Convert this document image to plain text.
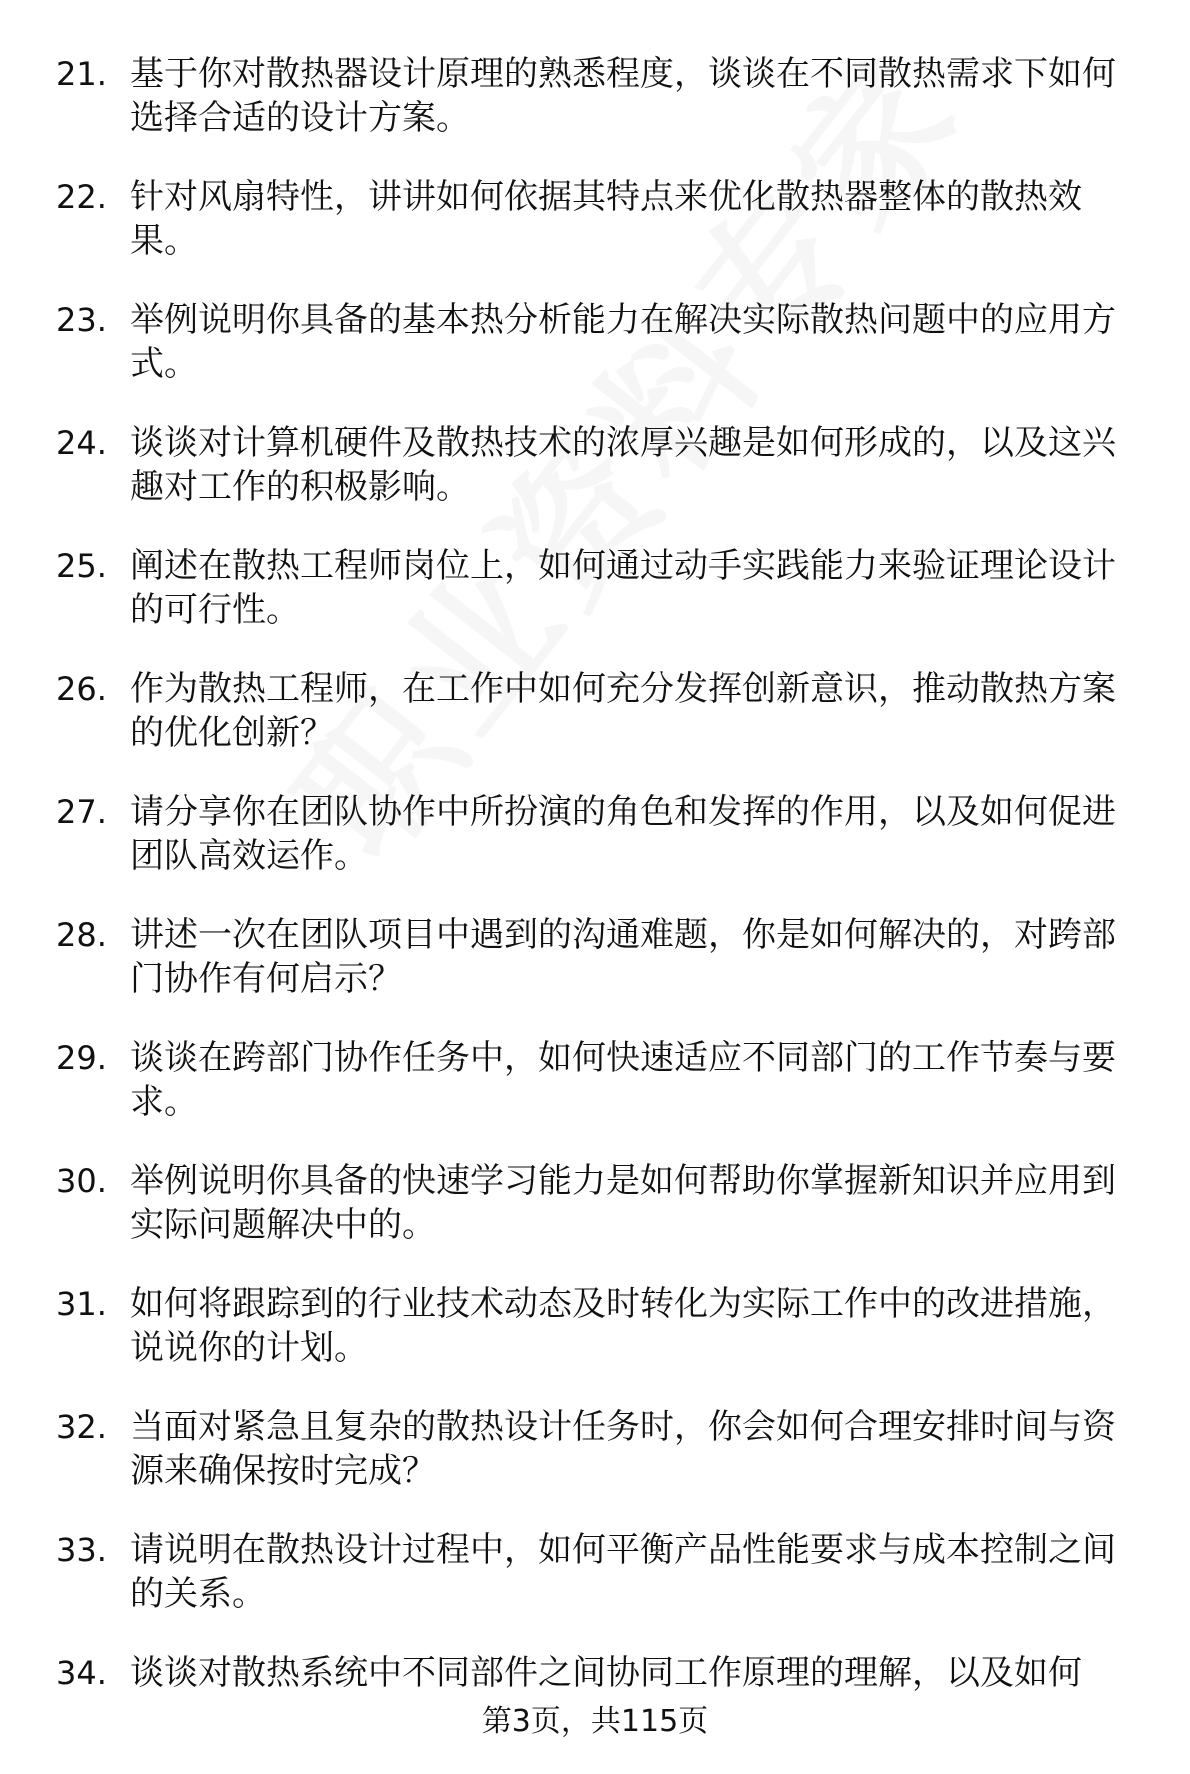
21. 基于你对散热器设计原理的熟悉程度，谈谈在不同散热需求下如何选择合适的设计方案。
22. 针对风扇特性，讲讲如何依据其特点来优化散热器整体的散热效果。
23. 举例说明你具备的基本热分析能力在解决实际散热问题中的应用方式。
24. 谈谈对计算机硬件及散热技术的浓厚兴趣是如何形成的，以及这兴趣对工作的积极影响。
25. 阐述在散热工程师岗位上，如何通过动手实践能力来验证理论设计的可行性。
26. 作为散热工程师，在工作中如何充分发挥创新意识，推动散热方案的优化创新？
27. 请分享你在团队协作中所扮演的角色和发挥的作用，以及如何促进团队高效运作。
28. 讲述一次在团队项目中遇到的沟通难题，你是如何解决的，对跨部门协作有何启示？
29. 谈谈在跨部门协作任务中，如何快速适应不同部门的工作节奏与要求。
30. 举例说明你具备的快速学习能力是如何帮助你掌握新知识并应用到实际问题解决中的。
31. 如何将跟踪到的行业技术动态及时转化为实际工作中的改进措施，说说你的计划。
32. 当面对紧急且复杂的散热设计任务时，你会如何合理安排时间与资源来确保按时完成？
33. 请说明在散热设计过程中，如何平衡产品性能要求与成本控制之间的关系。
34. 谈谈对散热系统中不同部件之间协同工作原理的理解，以及如何
第3页，共115页
